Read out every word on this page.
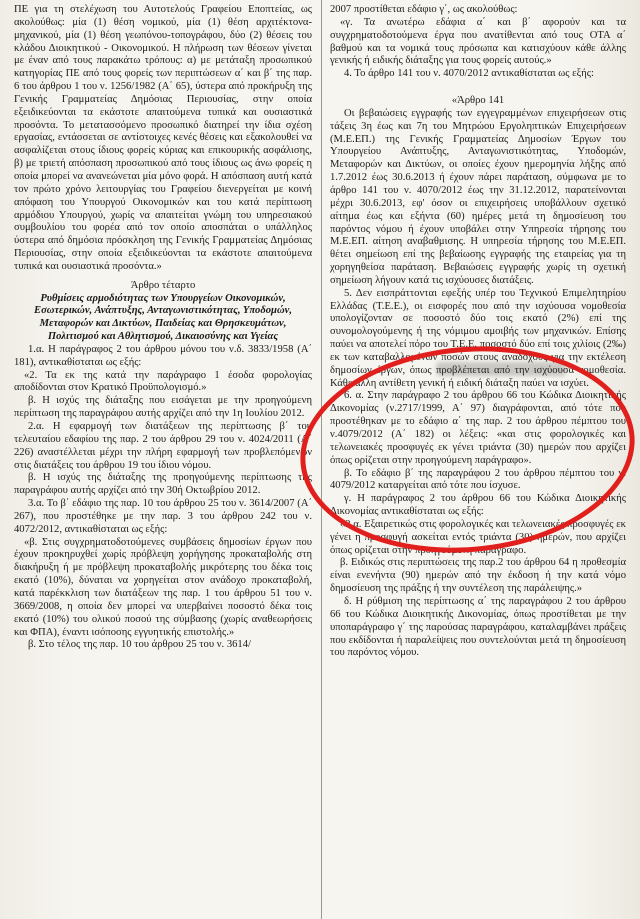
ΠΕ για τη στελέχωση του Αυτοτελούς Γραφείου Εποπτείας, ως ακολούθως: μία (1) θέση νομικού, μία (1) θέση αρχιτέκτονα- μηχανικού, μία (1) θέση γεωπόνου-τοπογράφου, δύο (2) θέσεις του κλάδου Διοικητικού - Οικονομικού. Η πλήρωση των θέσεων γίνεται με έναν από τους παρακάτω τρόπους: α) με μετάταξη προσωπικού κατηγορίας ΠΕ από τους φορείς των περιπτώσεων α΄ και β΄ της παρ. 6 του άρθρου 1 του ν. 1256/1982 (Α΄ 65), ύστερα από προκήρυξη της Γενικής Γραμματείας Δημόσιας Περιουσίας, στην οποία εξειδικεύονται τα εκάστοτε απαιτούμενα τυπικά και ουσιαστικά προσόντα. Το μετατασσόμενο προσωπικό διατηρεί την ίδια σχέση εργασίας, εντάσσεται σε αντίστοιχες κενές θέσεις και εξακολουθεί να ασφαλίζεται στους ίδιους φορείς κύριας και επικουρικής ασφάλισης, β) με τριετή απόσπαση προσωπικού από τους ίδιους ως άνω φορείς η οποία μπορεί να ανανεώνεται μία μόνο φορά. Η απόσπαση αυτή κατά τον πρώτο χρόνο λειτουργίας του Γραφείου διενεργείται με κοινή απόφαση του Υπουργού Οικονομικών και του κατά περίπτωση αρμόδιου Υπουργού, χωρίς να απαιτείται γνώμη του υπηρεσιακού συμβουλίου του φορέα από τον οποίο αποσπάται ο υπάλληλος ύστερα από δημόσια πρόσκληση της Γενικής Γραμματείας Δημόσιας Περιουσίας, στην οποία εξειδικεύονται τα εκάστοτε απαιτούμενα τυπικά και ουσιαστικά προσόντα.»

Άρθρο τέταρτο
Ρυθμίσεις αρμοδιότητας των Υπουργείων Οικονομικών, Εσωτερικών, Ανάπτυξης, Ανταγωνιστικότητας, Υποδομών, Μεταφορών και Δικτύων, Παιδείας και Θρησκευμάτων, Πολιτισμού και Αθλητισμού, Δικαιοσύνης και Υγείας

1.α. Η παράγραφος 2 του άρθρου μόνου του ν.δ. 3833/1958 (Α΄ 181), αντικαθίσταται ως εξής:

«2. Τα εκ της κατά την παράγραφο 1 έσοδα φορολογίας αποδίδονται στον Κρατικό Προϋπολογισμό.»

β. Η ισχύς της διάταξης που εισάγεται με την προηγούμενη περίπτωση της παραγράφου αυτής αρχίζει από την 1η Ιουλίου 2012.

2.α. Η εφαρμογή των διατάξεων της περίπτωσης β΄ του τελευταίου εδαφίου της παρ. 2 του άρθρου 29 του ν. 4024/2011 (Α΄ 226) αναστέλλεται μέχρι την πλήρη εφαρμογή των προβλεπόμενων στις διατάξεις του άρθρου 19 του ίδιου νόμου.

β. Η ισχύς της διάταξης της προηγούμενης περίπτωσης της παραγράφου αυτής αρχίζει από την 30ή Οκτωβρίου 2012.

3.α. Το β΄ εδάφιο της παρ. 10 του άρθρου 25 του ν. 3614/2007 (Α΄ 267), που προστέθηκε με την παρ. 3 του άρθρου 242 του ν. 4072/2012, αντικαθίσταται ως εξής:

«β. Στις συγχρηματοδοτούμενες συμβάσεις δημοσίων έργων που έχουν προκηρυχθεί χωρίς πρόβλεψη χορήγησης προκαταβολής στη διακήρυξη ή με πρόβλεψη προκαταβολής μικρότερης του δέκα τοις εκατό (10%), δύναται να χορηγείται στον ανάδοχο προκαταβολή, κατά παρέκκλιση των διατάξεων της παρ. 1 του άρθρου 51 του ν. 3669/2008, η οποία δεν μπορεί να υπερβαίνει ποσοστό δέκα τοις εκατό (10%) του ολικού ποσού της σύμβασης (χωρίς αναθεωρήσεις και ΦΠΑ), έναντι ισόποσης εγγυητικής επιστολής.»

β. Στο τέλος της παρ. 10 του άρθρου 25 του ν. 3614/

2007 προστίθεται εδάφιο γ΄, ως ακολούθως:

«γ. Τα ανωτέρω εδάφια α΄ και β΄ αφορούν και τα συγχρηματοδοτούμενα έργα που ανατίθενται από τους ΟΤΑ α΄ βαθμού και τα νομικά τους πρόσωπα και κατισχύουν κάθε άλλης γενικής ή ειδικής διάταξης για τους φορείς αυτούς.»

4. Το άρθρο 141 του ν. 4070/2012 αντικαθίσταται ως εξής:

«Άρθρο 141

Οι βεβαιώσεις εγγραφής των εγγεγραμμένων επιχειρήσεων στις τάξεις 3η έως και 7η του Μητρώου Εργοληπτικών Επιχειρήσεων (Μ.Ε.ΕΠ.) της Γενικής Γραμματείας Δημοσίων Έργων του Υπουργείου Ανάπτυξης, Ανταγωνιστικότητας, Υποδομών, Μεταφορών και Δικτύων, οι οποίες έχουν ημερομηνία λήξης από 1.7.2012 έως 30.6.2013 ή έχουν πάρει παράταση, σύμφωνα με το άρθρο 141 του ν. 4070/2012 έως την 31.12.2012, παρατείνονται μέχρι 30.6.2013, εφ' όσον οι επιχειρήσεις υποβάλλουν σχετικό αίτημα έως και εξήντα (60) ημέρες μετά τη δημοσίευση του παρόντος νόμου ή έχουν υποβάλει στην Υπηρεσία τήρησης του Μ.Ε.ΕΠ. αίτηση αναβαθμισης. Η υπηρεσία τήρησης του Μ.Ε.ΕΠ. θέτει σημείωση επί της βεβαίωσης εγγραφής της εταιρείας για τη χορηγηθείσα παράταση. Βεβαιώσεις εγγραφής χωρίς τη σχετική σημείωση λήγουν κατά τις ισχύουσες διατάξεις.

5. Δεν εισπράττονται εφεξής υπέρ του Τεχνικού Επιμελητηρίου Ελλάδας (Τ.Ε.Ε.), οι εισφορές που από την ισχύουσα νομοθεσία υπολογίζονταν σε ποσοστό δύο τοις εκατό (2%) επί της συνομολογούμενης ή της νόμιμου αμοιβής των μηχανικών. Επίσης παύει να αποτελεί πόρο του Τ.Ε.Ε. ποσοστό δύο επί τοις χιλίοις (2‰) εκ των καταβαλλομένων ποσών στους αναδόχους για την εκτέλεση δημοσίων έργων, όπως προβλέπεται από την ισχύουσα νομοθεσία. Κάθε άλλη αντίθετη γενική ή ειδική διάταξη παύει να ισχύει.

6. α. Στην παράγραφο 2 του άρθρου 66 του Κώδικα Διοικητικής Δικονομίας (ν.2717/1999, Α΄ 97) διαγράφονται, από τότε που προστέθηκαν με το εδάφιο α΄ της παρ. 2 του άρθρου πέμπτου του ν.4079/2012 (Α΄ 182) οι λέξεις: «και στις φορολογικές και τελωνειακές προσφυγές εκ γένει τριάντα (30) ημερών που αρχίζει όπως ορίζεται στην προηγούμενη παράγραφο».

β. Το εδάφιο β΄ της παραγράφου 2 του άρθρου πέμπτου του ν. 4079/2012 καταργείται από τότε που ίσχυσε.

γ. Η παράγραφος 2 του άρθρου 66 του Κώδικα Διοικητικής Δικονομίας αντικαθίσταται ως εξής:

«2.α. Εξαιρετικώς στις φορολογικές και τελωνειακές προσφυγές εκ γένει η προσφυγή ασκείται εντός τριάντα (30) ημερών, που αρχίζει όπως ορίζεται στην προηγούμενη παράγραφο.

β. Ειδικώς στις περιπτώσεις της παρ.2 του άρθρου 64 η προθεσμία είναι ενενήντα (90) ημερών από την έκδοση ή την κατά νόμο δημοσίευση της πράξης ή την συντέλεση της παράλειψης.»

δ. Η ρύθμιση της περίπτωσης α΄ της παραγράφου 2 του άρθρου 66 του Κώδικα Διοικητικής Δικονομίας, όπως προστίθεται με την υποπαράγραφο γ΄ της παρούσας παραγράφου, καταλαμβάνει πράξεις που εκδίδονται ή παραλείψεις που συντελούνται μετά τη δημοσίευση του παρόντος νόμου.
